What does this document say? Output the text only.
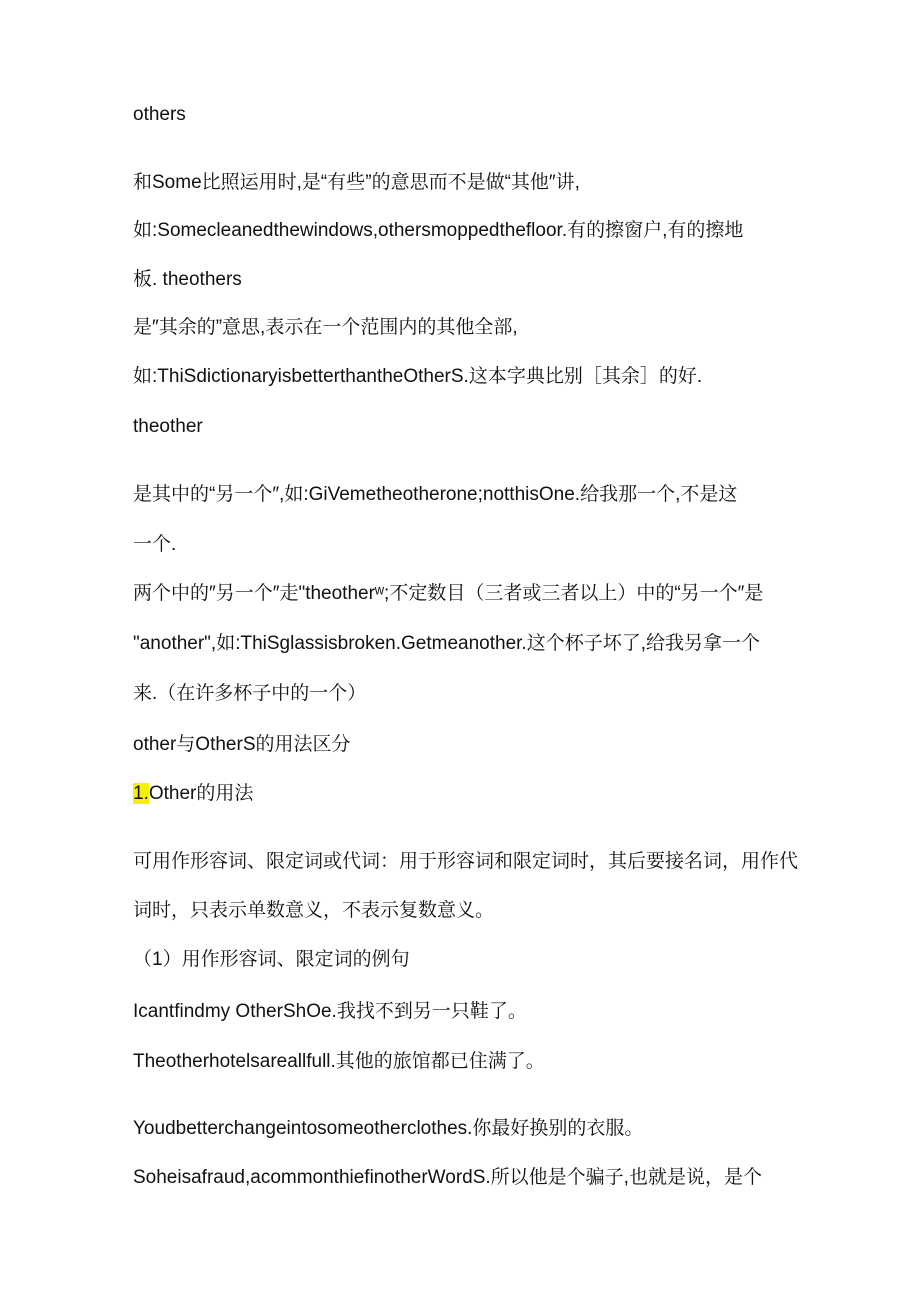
others
和Some比照运用时,是“有些”的意思而不是做“其他″讲,
如:Somecleanedthewindows,othersmoppedthefloor.有的擦窗户,有的擦地
板. theothers
是″其余的”意思,表示在一个范围内的其他全部,
如:ThiSdictionaryisbetterthantheOtherS.这本字典比别［其余］的好.
theother
是其中的“另一个″,如:GiVemetheotherone;notthisOne.给我那一个,不是这
一个.
两个中的″另一个″走"theotherʷ;不定数目（三者或三者以上）中的“另一个″是
"another",如:ThiSglassisbroken.Getmeanother.这个杯子坏了,给我另拿一个
来.（在许多杯子中的一个）
other与OtherS的用法区分
1.Other的用法
可用作形容词、限定词或代词：用于形容词和限定词时，其后要接名词，用作代
词时，只表示单数意义，不表示复数意义。
（1）用作形容词、限定词的例句
Icantfindmy OtherShOe.我找不到另一只鞋了。
Theotherhotelsareallfull.其他的旅馆都已住满了。
Youdbetterchangeintosomeotherclothes.你最好换别的衣服。
Soheisafraud,acommonthiefinotherWordS.所以他是个骗子,也就是说，是个
